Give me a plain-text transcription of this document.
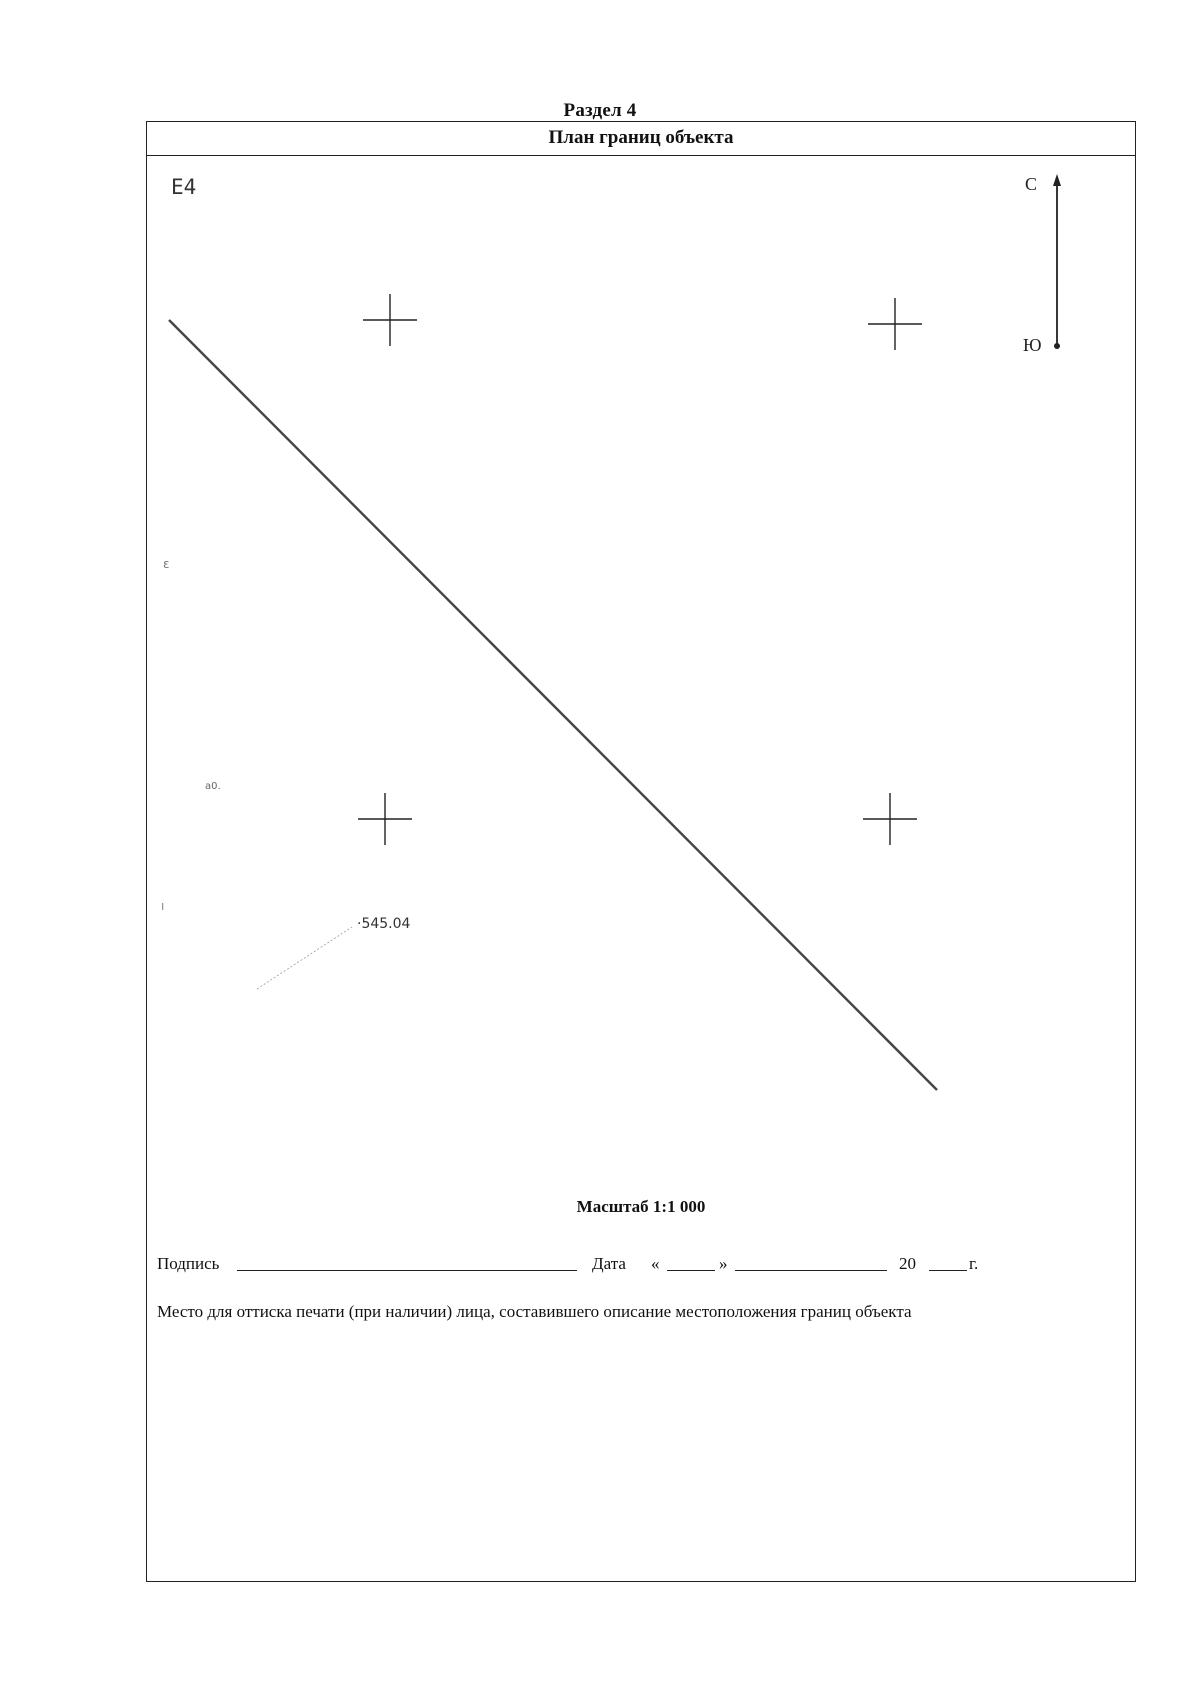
Раздел 4
План границ объекта
Е4	С
Ю
ε
a0.
ı
·545.04
Масштаб 1:1 000
Подпись	Дата «	»	20	г.
Место для оттиска печати (при наличии) лица, составившего описание местоположения границ объекта
